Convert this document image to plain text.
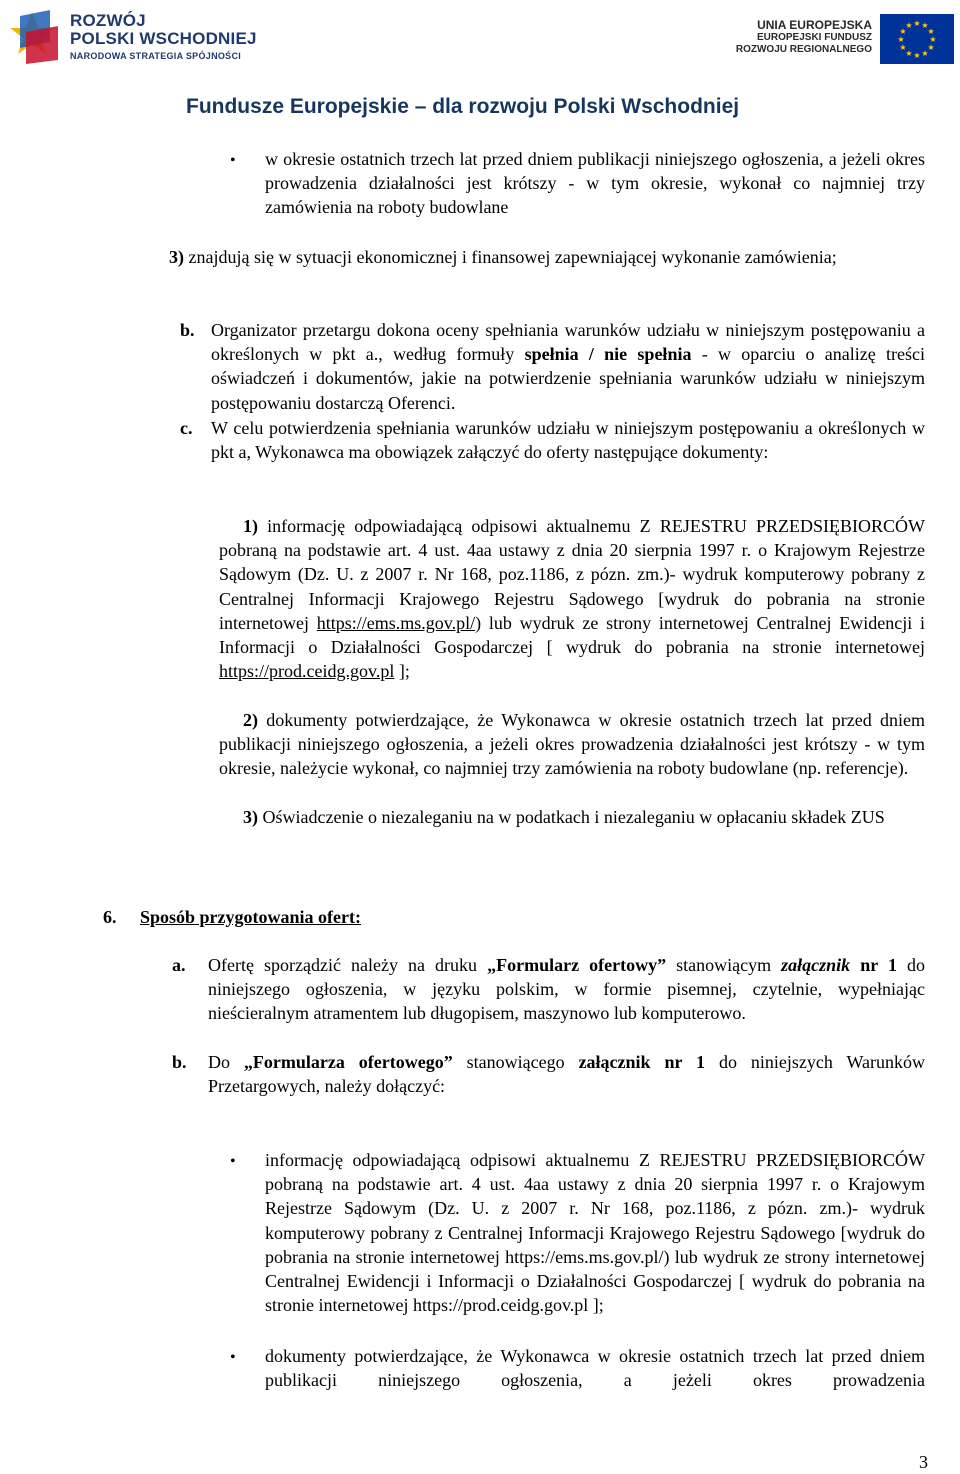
ROZWÓJ
POLSKI WSCHODNIEJ
NARODOWA STRATEGIA SPÓJNOŚCI
UNIA EUROPEJSKA
EUROPEJSKI FUNDUSZ
ROZWOJU REGIONALNEGO
★ ★
★
★
★
★
★
★
★
★
★
★
Fundusze Europejskie – dla rozwoju Polski Wschodniej
• w okresie ostatnich trzech lat przed dniem publikacji niniejszego ogłoszenia, a jeżeli okres prowadzenia działalności jest krótszy - w tym okresie, wykonał co najmniej trzy zamówienia na roboty budowlane
3) znajdują się w sytuacji ekonomicznej i finansowej zapewniającej wykonanie zamówienia;
b. Organizator przetargu dokona oceny spełniania warunków udziału w niniejszym postępowaniu a określonych w pkt a., według formuły spełnia / nie spełnia - w oparciu o analizę treści oświadczeń i dokumentów, jakie na potwierdzenie spełniania warunków udziału w niniejszym postępowaniu dostarczą Oferenci.
c. W celu potwierdzenia spełniania warunków udziału w niniejszym postępowaniu a określonych w pkt a, Wykonawca ma obowiązek załączyć do oferty następujące dokumenty:
1) informację odpowiadającą odpisowi aktualnemu Z REJESTRU PRZEDSIĘBIORCÓW pobraną na podstawie art. 4 ust. 4aa ustawy z dnia 20 sierpnia 1997 r. o Krajowym Rejestrze Sądowym (Dz. U. z 2007 r. Nr 168, poz.1186, z pózn. zm.)- wydruk komputerowy pobrany z Centralnej Informacji Krajowego Rejestru Sądowego [wydruk do pobrania na stronie internetowej https://ems.ms.gov.pl/) lub wydruk ze strony internetowej Centralnej Ewidencji i Informacji o Działalności Gospodarczej [ wydruk do pobrania na stronie internetowej https://prod.ceidg.gov.pl ];
2) dokumenty potwierdzające, że Wykonawca w okresie ostatnich trzech lat przed dniem publikacji niniejszego ogłoszenia, a jeżeli okres prowadzenia działalności jest krótszy - w tym okresie, należycie wykonał, co najmniej trzy zamówienia na roboty budowlane (np. referencje).
3) Oświadczenie o niezaleganiu na w podatkach i niezaleganiu w opłacaniu składek ZUS
6. Sposób przygotowania ofert:
a. Ofertę sporządzić należy na druku „Formularz ofertowy” stanowiącym załącznik nr 1 do niniejszego ogłoszenia, w języku polskim, w formie pisemnej, czytelnie, wypełniając nieścieralnym atramentem lub długopisem, maszynowo lub komputerowo.
b. Do „Formularza ofertowego” stanowiącego załącznik nr 1 do niniejszych Warunków Przetargowych, należy dołączyć:
• informację odpowiadającą odpisowi aktualnemu Z REJESTRU PRZEDSIĘBIORCÓW pobraną na podstawie art. 4 ust. 4aa ustawy z dnia 20 sierpnia 1997 r. o Krajowym Rejestrze Sądowym (Dz. U. z 2007 r. Nr 168, poz.1186, z pózn. zm.)- wydruk komputerowy pobrany z Centralnej Informacji Krajowego Rejestru Sądowego [wydruk do pobrania na stronie internetowej https://ems.ms.gov.pl/) lub wydruk ze strony internetowej Centralnej Ewidencji i Informacji o Działalności Gospodarczej [ wydruk do pobrania na stronie internetowej https://prod.ceidg.gov.pl ];
• dokumenty potwierdzające, że Wykonawca w okresie ostatnich trzech lat przed dniem publikacji niniejszego ogłoszenia, a jeżeli okres prowadzenia
3
